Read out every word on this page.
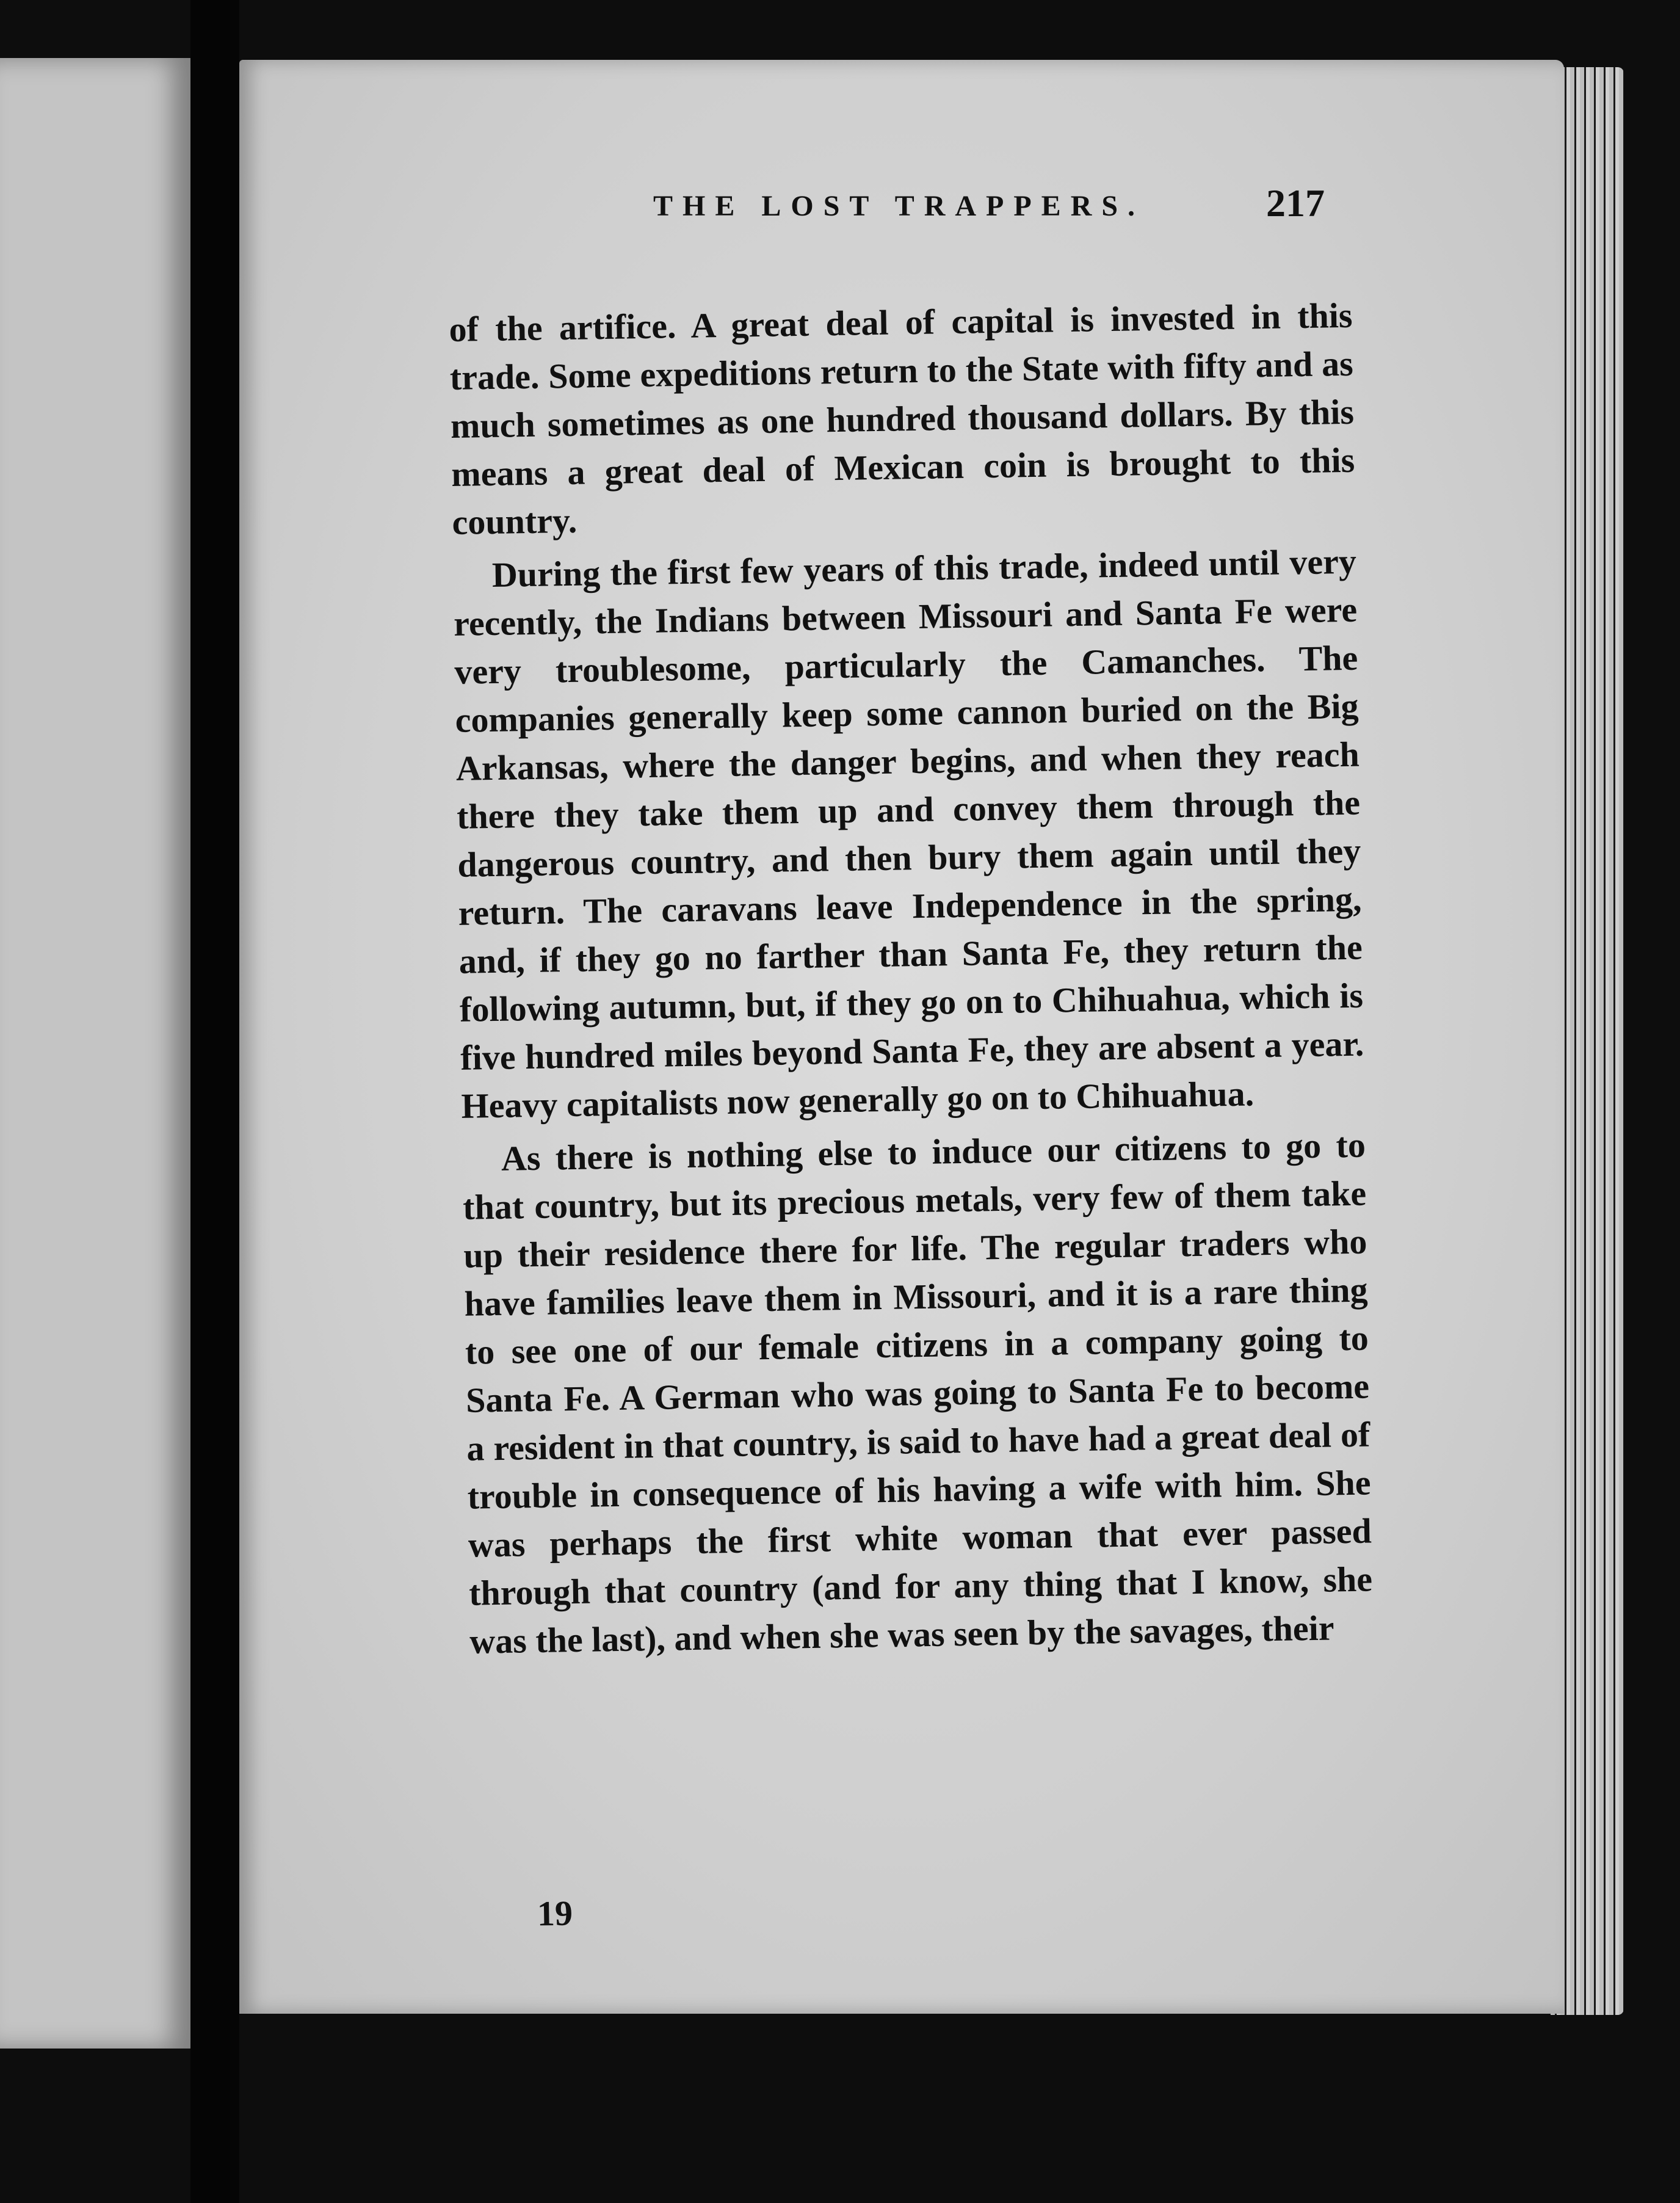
THE LOST TRAPPERS.	217

of the artifice. A great deal of capital is invested in this trade. Some expeditions return to the State with fifty and as much sometimes as one hundred thousand dollars. By this means a great deal of Mexican coin is brought to this country.

During the first few years of this trade, indeed until very recently, the Indians between Missouri and Santa Fe were very troublesome, particularly the Camanches. The companies generally keep some cannon buried on the Big Arkansas, where the danger begins, and when they reach there they take them up and convey them through the dangerous country, and then bury them again until they return. The caravans leave Independence in the spring, and, if they go no farther than Santa Fe, they return the following autumn, but, if they go on to Chihuahua, which is five hundred miles beyond Santa Fe, they are absent a year. Heavy capitalists now generally go on to Chihuahua.

As there is nothing else to induce our citizens to go to that country, but its precious metals, very few of them take up their residence there for life. The regular traders who have families leave them in Missouri, and it is a rare thing to see one of our female citizens in a company going to Santa Fe. A German who was going to Santa Fe to become a resident in that country, is said to have had a great deal of trouble in consequence of his having a wife with him. She was perhaps the first white woman that ever passed through that country (and for any thing that I know, she was the last), and when she was seen by the savages, their

19
